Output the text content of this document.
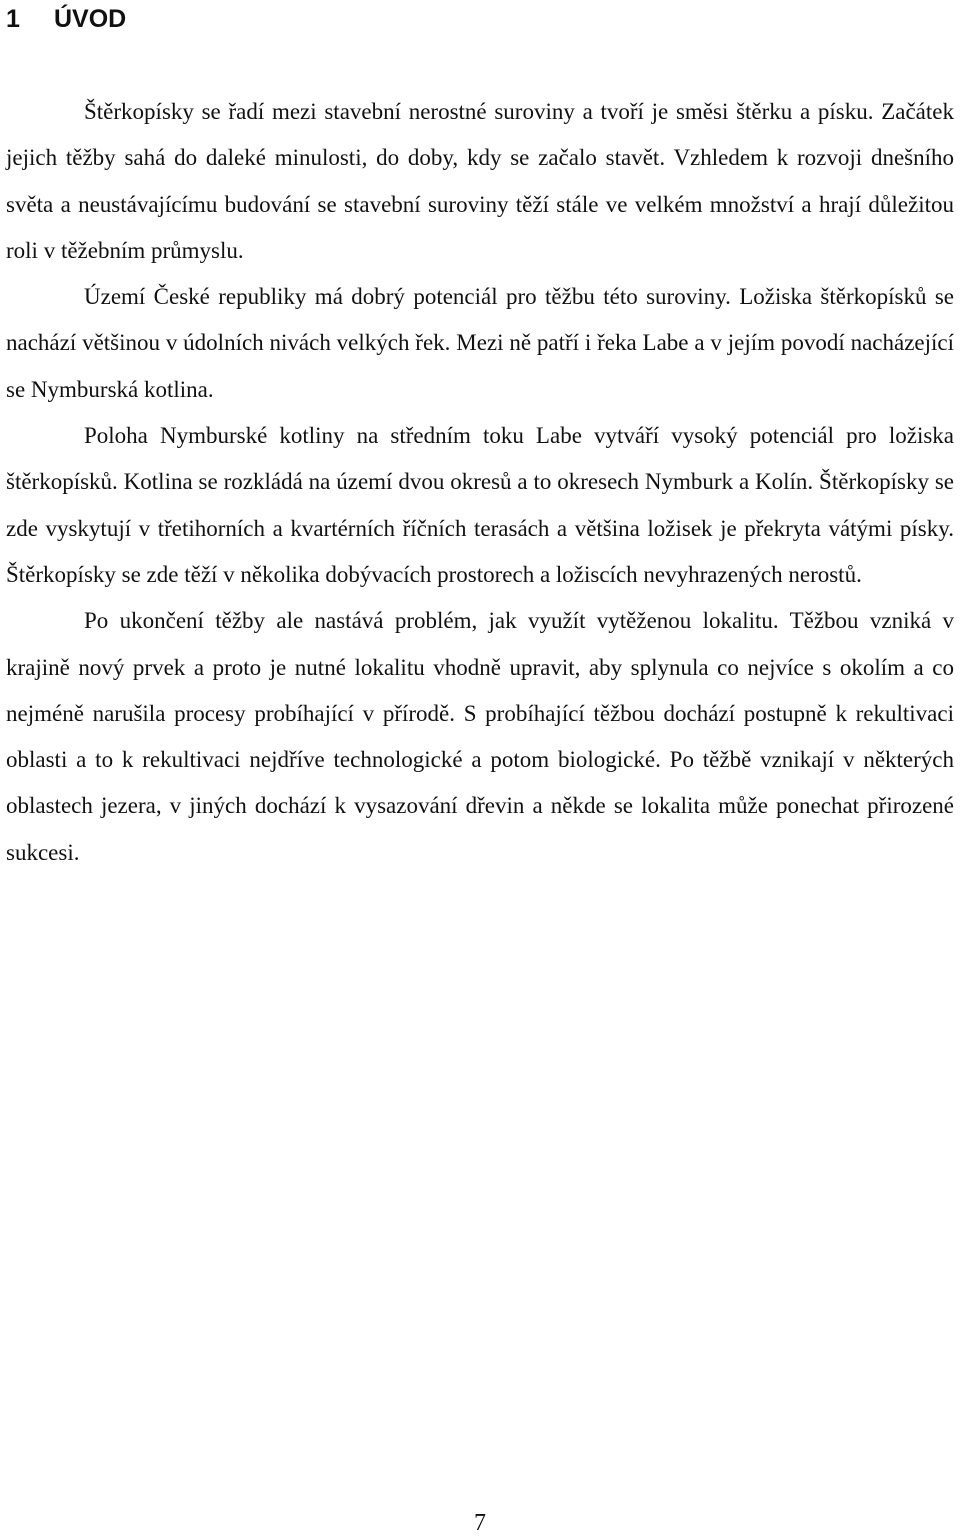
1 ÚVOD

Štěrkopísky se řadí mezi stavební nerostné suroviny a tvoří je směsi štěrku a písku. Začátek jejich těžby sahá do daleké minulosti, do doby, kdy se začalo stavět. Vzhledem k rozvoji dnešního světa a neustávajícímu budování se stavební suroviny těží stále ve velkém množství a hrají důležitou roli v těžebním průmyslu.

Území České republiky má dobrý potenciál pro těžbu této suroviny. Ložiska štěrkopísků se nachází většinou v údolních nivách velkých řek. Mezi ně patří i řeka Labe a v jejím povodí nacházející se Nymburská kotlina.

Poloha Nymburské kotliny na středním toku Labe vytváří vysoký potenciál pro ložiska štěrkopísků. Kotlina se rozkládá na území dvou okresů a to okresech Nymburk a Kolín. Štěrkopísky se zde vyskytují v třetihorních a kvartérních říčních terasách a většina ložisek je překryta vátými písky. Štěrkopísky se zde těží v několika dobývacích prostorech a ložiscích nevyhrazených nerostů.

Po ukončení těžby ale nastává problém, jak využít vytěženou lokalitu. Těžbou vzniká v krajině nový prvek a proto je nutné lokalitu vhodně upravit, aby splynula co nejvíce s okolím a co nejméně narušila procesy probíhající v přírodě. S probíhající těžbou dochází postupně k rekultivaci oblasti a to k rekultivaci nejdříve technologické a potom biologické. Po těžbě vznikají v některých oblastech jezera, v jiných dochází k vysazování dřevin a někde se lokalita může ponechat přirozené sukcesi.

7
